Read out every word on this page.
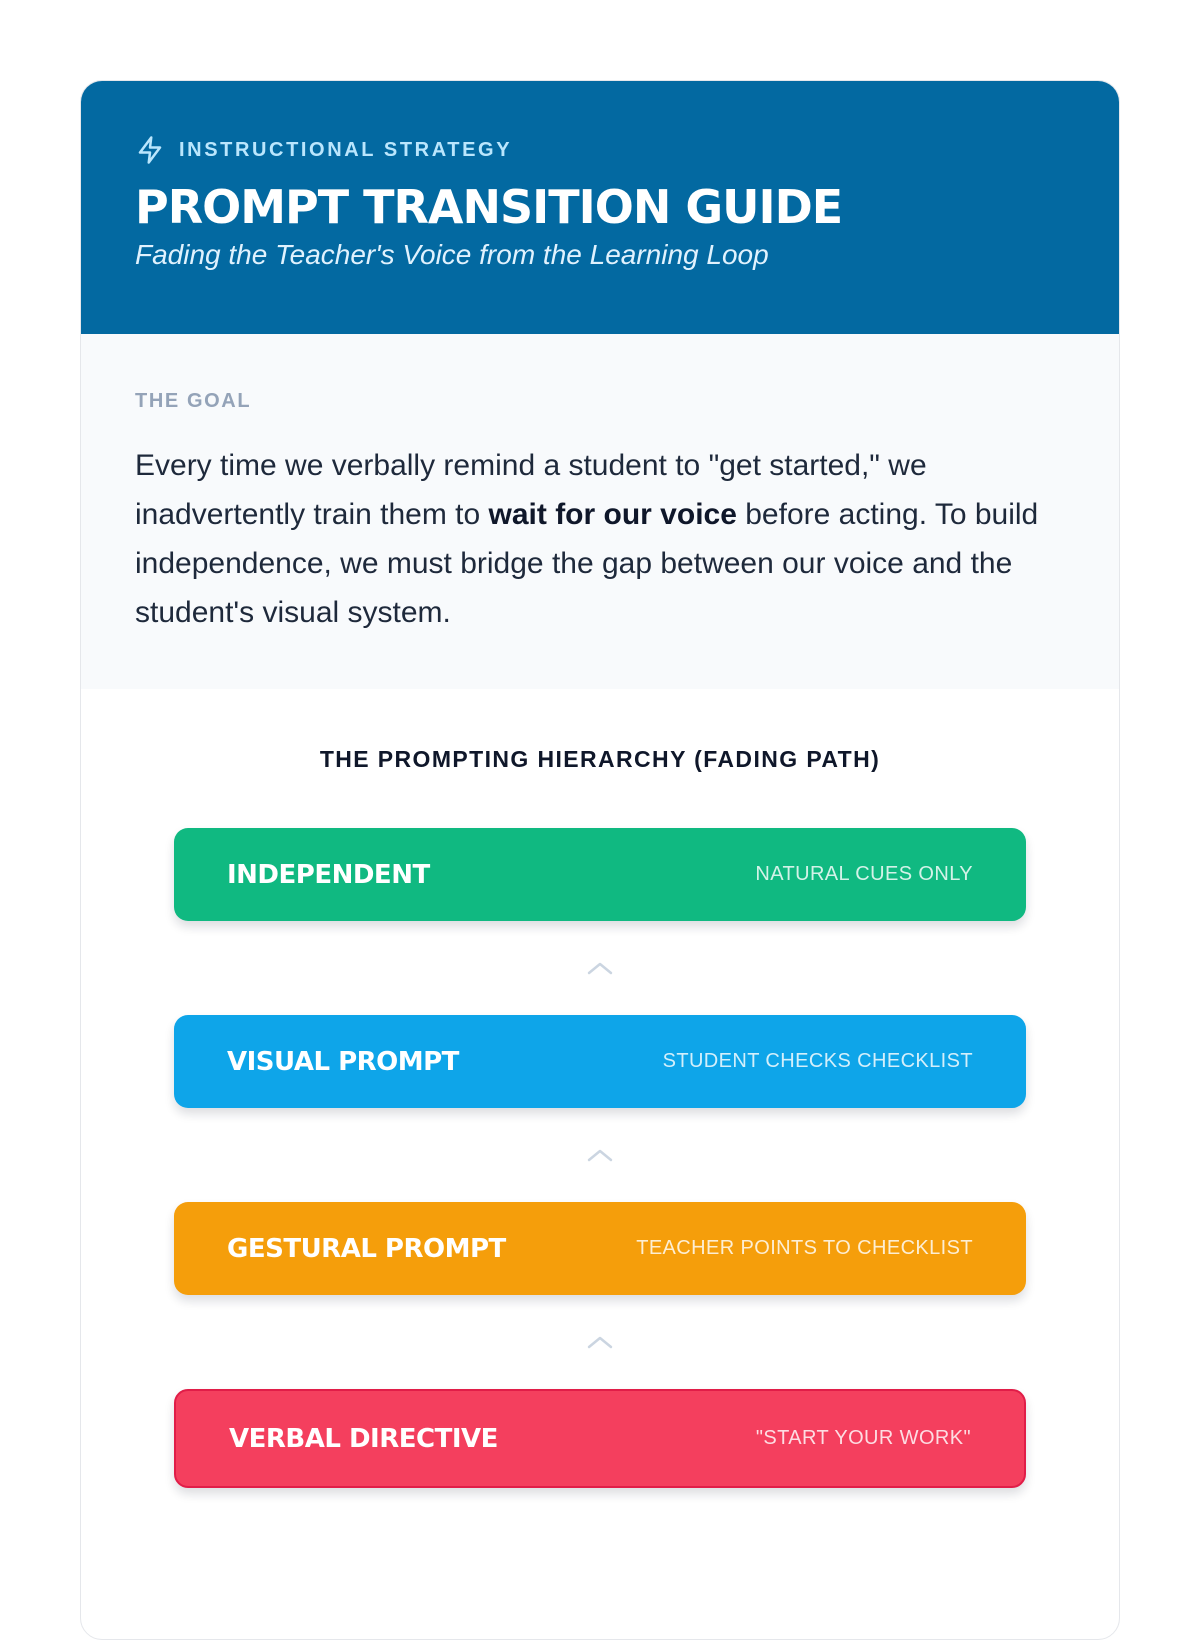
INSTRUCTIONAL STRATEGY
PROMPT TRANSITION GUIDE
Fading the Teacher's Voice from the Learning Loop
THE GOAL
Every time we verbally remind a student to "get started," we inadvertently train them to wait for our voice before acting. To build independence, we must bridge the gap between our voice and the student's visual system.
THE PROMPTING HIERARCHY (FADING PATH)
INDEPENDENT	NATURAL CUES ONLY
VISUAL PROMPT	STUDENT CHECKS CHECKLIST
GESTURAL PROMPT	TEACHER POINTS TO CHECKLIST
VERBAL DIRECTIVE	"START YOUR WORK"
